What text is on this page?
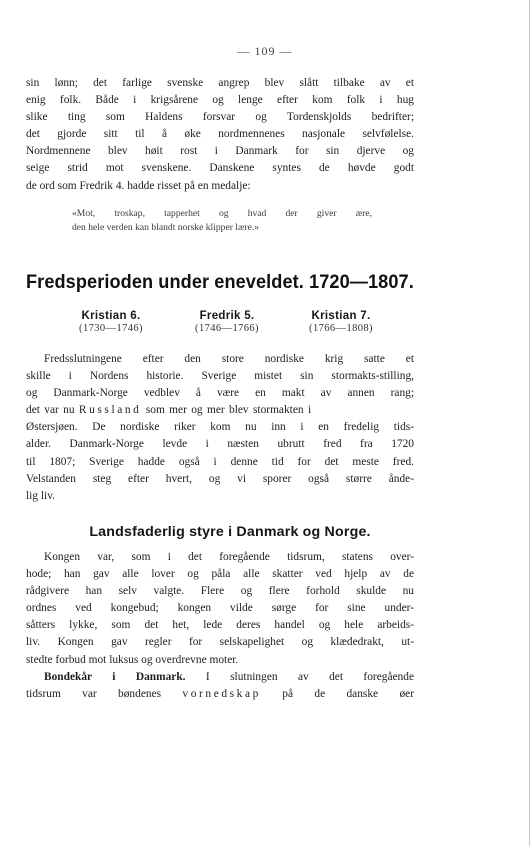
— 109 —
sin lønn; det farlige svenske angrep blev slått tilbake av et
enig folk. Både i krigsårene og lenge efter kom folk i hug
slike ting som Haldens forsvar og Tordenskjolds bedrifter;
det gjorde sitt til å øke nordmennenes nasjonale selvfølelse.
Nordmennene blev høit rost i Danmark for sin djerve og
seige strid mot svenskene. Danskene syntes de høvde godt
de ord som Fredrik 4. hadde risset på en medalje:
«Mot, troskap, tapperhet og hvad der giver ære,
den hele verden kan blandt norske klipper lære.»
Fredsperioden under eneveldet. 1720—1807.
Kristian 6.
(1730—1746)
Fredrik 5.
(1746—1766)
Kristian 7.
(1766—1808)
Fredsslutningene efter den store nordiske krig satte et
skille i Nordens historie. Sverige mistet sin stormakts-stilling,
og Danmark-Norge vedblev å være en makt av annen rang;
det var nu Russland som mer og mer blev stormakten i
Østersjøen. De nordiske riker kom nu inn i en fredelig tids-
alder. Danmark-Norge levde i næsten ubrutt fred fra 1720
til 1807; Sverige hadde også i denne tid for det meste fred.
Velstanden steg efter hvert, og vi sporer også større ånde-
lig liv.
Landsfaderlig styre i Danmark og Norge.
Kongen var, som i det foregående tidsrum, statens over-
hode; han gav alle lover og påla alle skatter ved hjelp av de
rådgivere han selv valgte. Flere og flere forhold skulde nu
ordnes ved kongebud; kongen vilde sørge for sine under-
såtters lykke, som det het, lede deres handel og hele arbeids-
liv. Kongen gav regler for selskapelighet og klædedrakt, ut-
stedte forbud mot luksus og overdrevne moter.
Bondekår i Danmark. I slutningen av det foregående
tidsrum var bøndenes vornedskap på de danske øer
